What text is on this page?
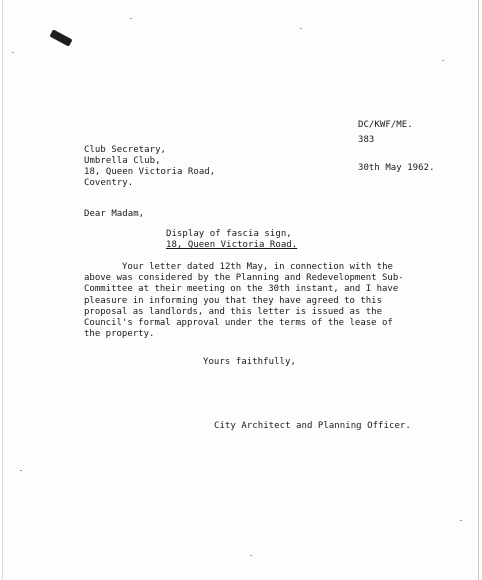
DC/KWF/ME.
383
30th May 1962.
Club Secretary,
Umbrella Club,
18, Queen Victoria Road,
Coventry.
Dear Madam,
Display of fascia sign,
18, Queen Victoria Road.
Your letter dated 12th May, in connection with the
above was considered by the Planning and Redevelopment Sub-
Committee at their meeting on the 30th instant, and I have
pleasure in informing you that they have agreed to this
proposal as landlords, and this letter is issued as the
Council's formal approval under the terms of the lease of
the property.
Yours faithfully,
City Architect and Planning Officer.
